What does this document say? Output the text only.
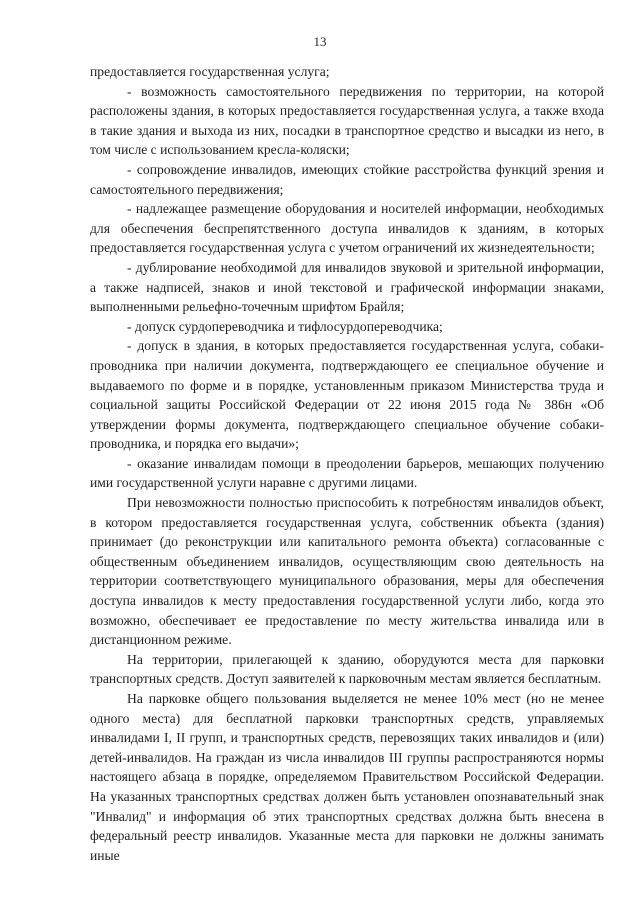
13

предоставляется государственная услуга;

- возможность самостоятельного передвижения по территории, на которой расположены здания, в которых предоставляется государственная услуга, а также входа в такие здания и выхода из них, посадки в транспортное средство и высадки из него, в том числе с использованием кресла-коляски;

- сопровождение инвалидов, имеющих стойкие расстройства функций зрения и самостоятельного передвижения;

- надлежащее размещение оборудования и носителей информации, необходимых для обеспечения беспрепятственного доступа инвалидов к зданиям, в которых предоставляется государственная услуга с учетом ограничений их жизнедеятельности;

- дублирование необходимой для инвалидов звуковой и зрительной информации, а также надписей, знаков и иной текстовой и графической информации знаками, выполненными рельефно-точечным шрифтом Брайля;

- допуск сурдопереводчика и тифлосурдопереводчика;

- допуск в здания, в которых предоставляется государственная услуга, собаки-проводника при наличии документа, подтверждающего ее специальное обучение и выдаваемого по форме и в порядке, установленным приказом Министерства труда и социальной защиты Российской Федерации от 22 июня 2015 года № 386н «Об утверждении формы документа, подтверждающего специальное обучение собаки-проводника, и порядка его выдачи»;

- оказание инвалидам помощи в преодолении барьеров, мешающих получению ими государственной услуги наравне с другими лицами.

При невозможности полностью приспособить к потребностям инвалидов объект, в котором предоставляется государственная услуга, собственник объекта (здания) принимает (до реконструкции или капитального ремонта объекта) согласованные с общественным объединением инвалидов, осуществляющим свою деятельность на территории соответствующего муниципального образования, меры для обеспечения доступа инвалидов к месту предоставления государственной услуги либо, когда это возможно, обеспечивает ее предоставление по месту жительства инвалида или в дистанционном режиме.

На территории, прилегающей к зданию, оборудуются места для парковки транспортных средств. Доступ заявителей к парковочным местам является бесплатным.

На парковке общего пользования выделяется не менее 10% мест (но не менее одного места) для бесплатной парковки транспортных средств, управляемых инвалидами I, II групп, и транспортных средств, перевозящих таких инвалидов и (или) детей-инвалидов. На граждан из числа инвалидов III группы распространяются нормы настоящего абзаца в порядке, определяемом Правительством Российской Федерации. На указанных транспортных средствах должен быть установлен опознавательный знак "Инвалид" и информация об этих транспортных средствах должна быть внесена в федеральный реестр инвалидов. Указанные места для парковки не должны занимать иные
